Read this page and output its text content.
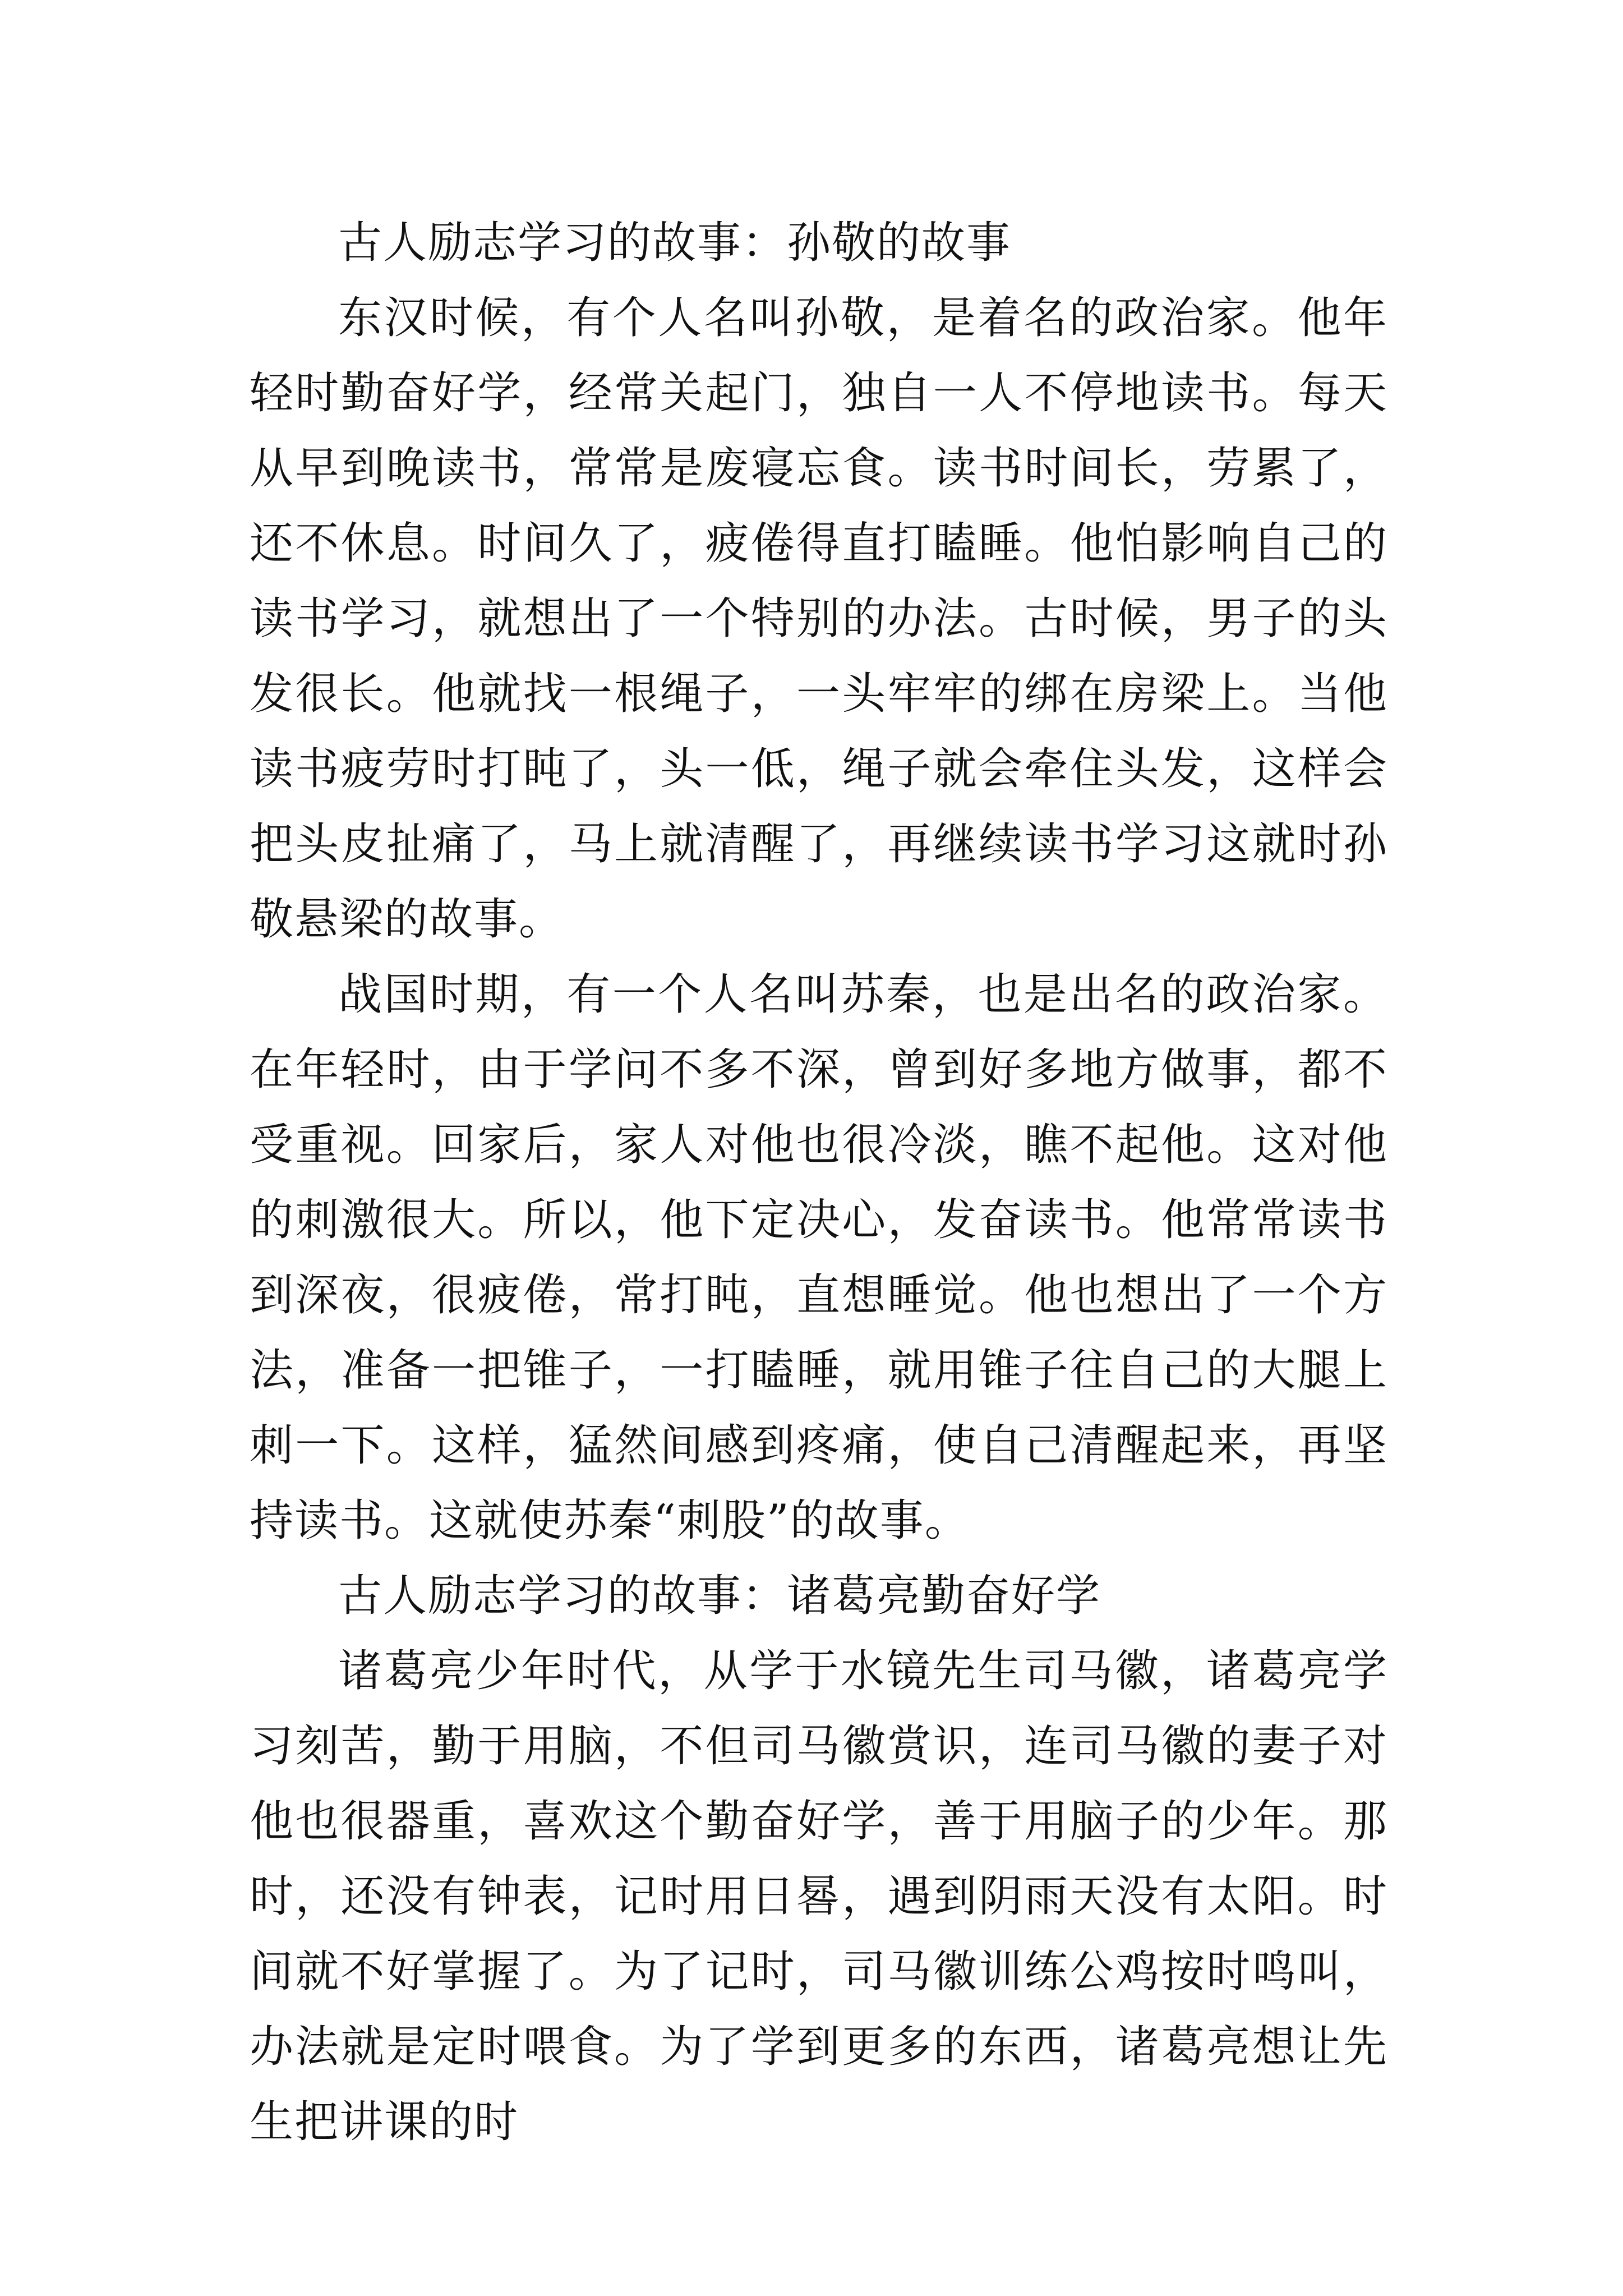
古人励志学习的故事：孙敬的故事

东汉时候，有个人名叫孙敬，是着名的政治家。他年轻时勤奋好学，经常关起门，独自一人不停地读书。每天从早到晚读书，常常是废寝忘食。读书时间长，劳累了，还不休息。时间久了，疲倦得直打瞌睡。他怕影响自己的读书学习，就想出了一个特别的办法。古时候，男子的头发很长。他就找一根绳子，一头牢牢的绑在房梁上。当他读书疲劳时打盹了，头一低，绳子就会牵住头发，这样会把头皮扯痛了，马上就清醒了，再继续读书学习这就时孙敬悬梁的故事。

战国时期，有一个人名叫苏秦，也是出名的政治家。在年轻时，由于学问不多不深，曾到好多地方做事，都不受重视。回家后，家人对他也很冷淡，瞧不起他。这对他的刺激很大。所以，他下定决心，发奋读书。他常常读书到深夜，很疲倦，常打盹，直想睡觉。他也想出了一个方法，准备一把锥子，一打瞌睡，就用锥子往自己的大腿上刺一下。这样，猛然间感到疼痛，使自己清醒起来，再坚持读书。这就使苏秦“刺股”的故事。

古人励志学习的故事：诸葛亮勤奋好学

诸葛亮少年时代，从学于水镜先生司马徽，诸葛亮学习刻苦，勤于用脑，不但司马徽赏识，连司马徽的妻子对他也很器重，喜欢这个勤奋好学，善于用脑子的少年。那时，还没有钟表，记时用日晷，遇到阴雨天没有太阳。时间就不好掌握了。为了记时，司马徽训练公鸡按时鸣叫，办法就是定时喂食。为了学到更多的东西，诸葛亮想让先生把讲课的时
